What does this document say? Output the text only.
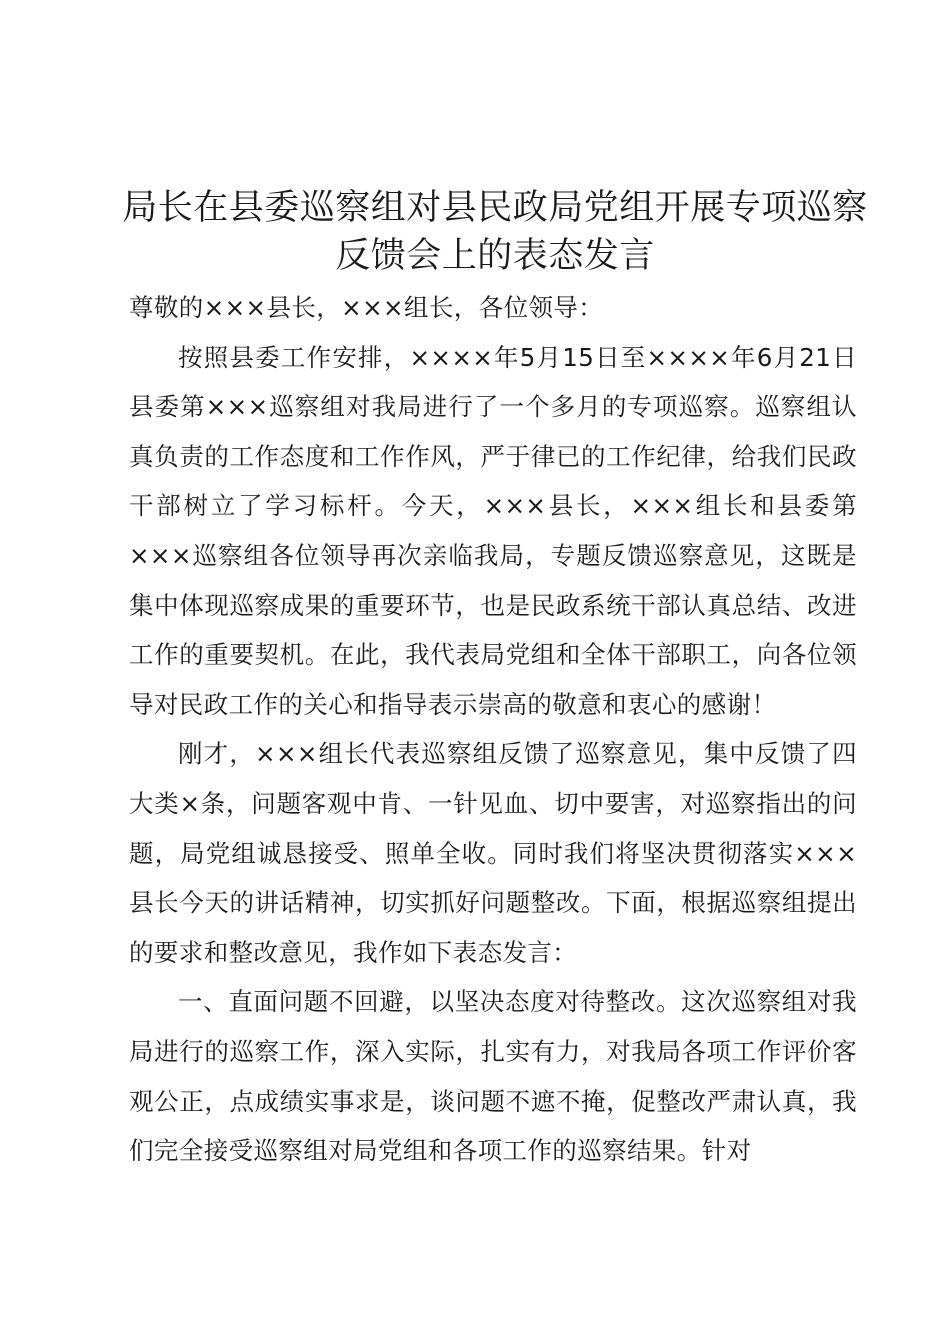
局长在县委巡察组对县民政局党组开展专项巡察
反馈会上的表态发言

尊敬的×××县长，×××组长，各位领导：

按照县委工作安排，××××年5月15日至××××年6月21日县委第×××巡察组对我局进行了一个多月的专项巡察。巡察组认真负责的工作态度和工作作风，严于律已的工作纪律，给我们民政干部树立了学习标杆。今天，×××县长，×××组长和县委第×××巡察组各位领导再次亲临我局，专题反馈巡察意见，这既是集中体现巡察成果的重要环节，也是民政系统干部认真总结、改进工作的重要契机。在此，我代表局党组和全体干部职工，向各位领导对民政工作的关心和指导表示崇高的敬意和衷心的感谢！

刚才，×××组长代表巡察组反馈了巡察意见，集中反馈了四大类×条，问题客观中肯、一针见血、切中要害，对巡察指出的问题，局党组诚恳接受、照单全收。同时我们将坚决贯彻落实×××县长今天的讲话精神，切实抓好问题整改。下面，根据巡察组提出的要求和整改意见，我作如下表态发言：

一、直面问题不回避，以坚决态度对待整改。这次巡察组对我局进行的巡察工作，深入实际，扎实有力，对我局各项工作评价客观公正，点成绩实事求是，谈问题不遮不掩，促整改严肃认真，我们完全接受巡察组对局党组和各项工作的巡察结果。针对
